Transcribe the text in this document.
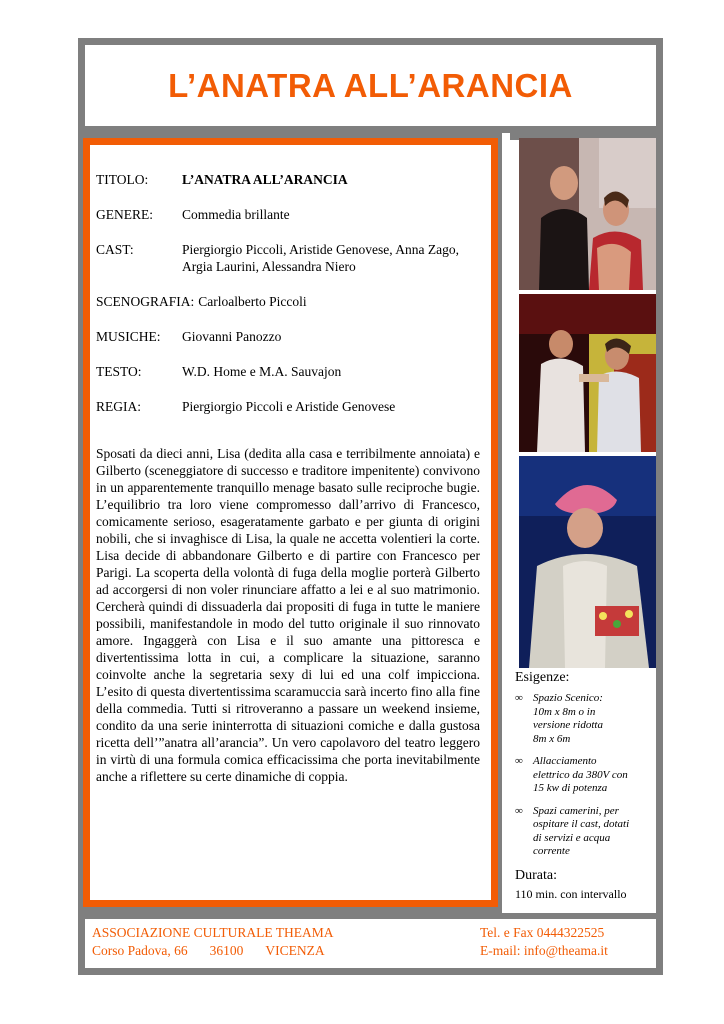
L’ANATRA ALL’ARANCIA
TITOLO:	L’ANATRA ALL’ARANCIA
GENERE:	Commedia brillante
CAST:	Piergiorgio Piccoli, Aristide Genovese, Anna Zago, Argia Laurini, Alessandra Niero
SCENOGRAFIA: Carloalberto Piccoli
MUSICHE:	Giovanni Panozzo
TESTO:	W.D. Home e M.A. Sauvajon
REGIA:	Piergiorgio Piccoli e Aristide Genovese
Sposati da dieci anni, Lisa (dedita alla casa e terribilmente annoiata) e Gilberto (sceneggiatore di successo e traditore impenitente) convivono in un apparentemente tranquillo menage basato sulle reciproche bugie. L’equilibrio tra loro viene compromesso dall’arrivo di Francesco, comicamente serioso, esageratamente garbato e per giunta di origini nobili, che si invaghisce di Lisa, la quale ne accetta volentieri la corte. Lisa decide di abbandonare Gilberto e di partire con Francesco per Parigi. La scoperta della volontà di fuga della moglie porterà Gilberto ad accorgersi di non voler rinunciare affatto a lei e al suo matrimonio. Cercherà quindi di dissuaderla dai propositi di fuga in tutte le maniere possibili, manifestandole in modo del tutto originale il suo rinnovato amore. Ingaggerà con Lisa e il suo amante una pittoresca e divertentissima lotta in cui, a complicare la situazione, saranno coinvolte anche la segretaria sexy di lui ed una colf impicciona. L’esito di questa divertentissima scaramuccia sarà incerto fino alla fine della commedia. Tutti si ritroveranno a passare un weekend insieme, condito da una serie ininterrotta di situazioni comiche e dalla gustosa ricetta dell’”anatra all’arancia”. Un vero capolavoro del teatro leggero in virtù di una formula comica efficacissima che porta inevitabilmente anche a riflettere su certe dinamiche di coppia.
Esigenze:
∞ Spazio Scenico:
10m x 8m o in
versione ridotta
8m x 6m
∞ Allacciamento
elettrico da 380V con
15 kw di potenza
∞ Spazi camerini, per
ospitare il cast, dotati
di servizi e acqua
corrente
Durata:
110 min. con intervallo
ASSOCIAZIONE CULTURALE THEAMA
Corso Padova, 66 36100 VICENZA
Tel. e Fax 0444322525
E-mail: info@theama.it
